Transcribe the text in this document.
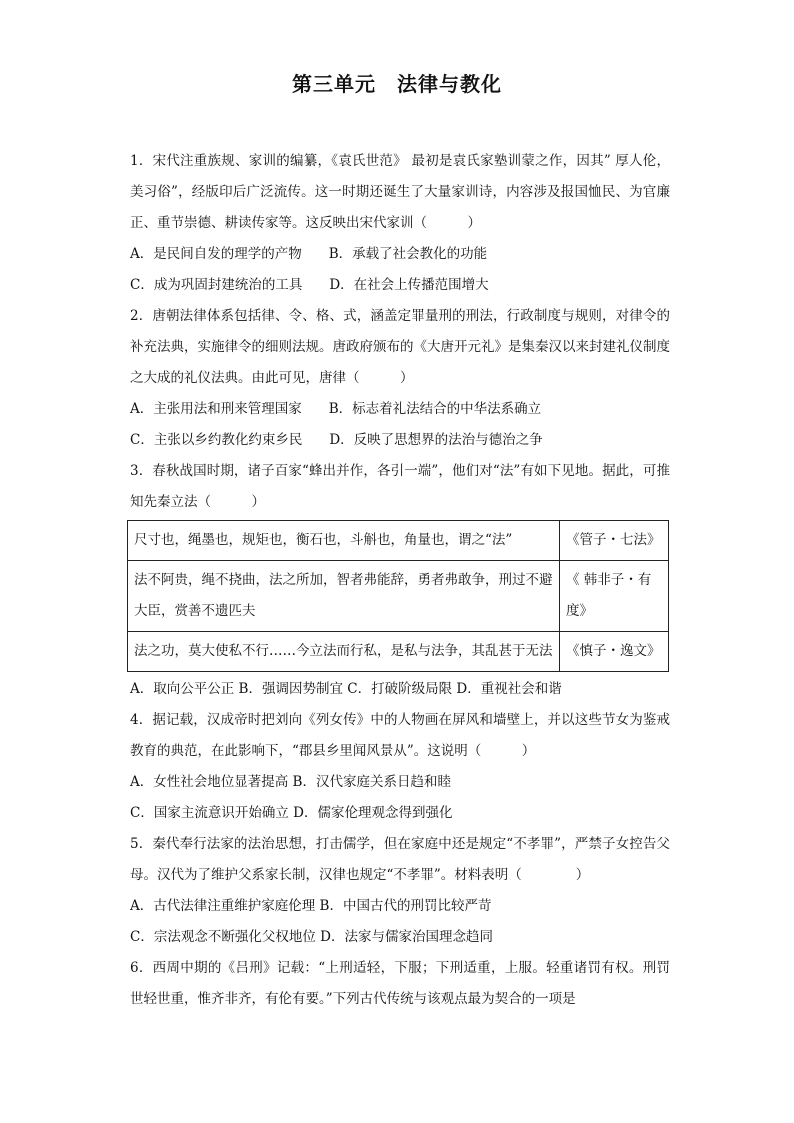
第三单元　法律与教化

1．宋代注重族规、家训的编纂，《袁氏世范》 最初是袁氏家塾训蒙之作，因其” 厚人伦， 美习俗”，经版印后广泛流传。这一时期还诞生了大量家训诗，内容涉及报国恤民、为官廉正、重节崇德、耕读传家等。这反映出宋代家训（　　　）

A．是民间自发的理学的产物　　B．承载了社会教化的功能

C．成为巩固封建统治的工具　　D．在社会上传播范围增大

2．唐朝法律体系包括律、令、格、式，涵盖定罪量刑的刑法，行政制度与规则，对律令的补充法典，实施律令的细则法规。唐政府颁布的《大唐开元礼》是集秦汉以来封建礼仪制度之大成的礼仪法典。由此可见，唐律（　　　）

A．主张用法和刑来管理国家　　B．标志着礼法结合的中华法系确立

C．主张以乡约教化约束乡民　　D．反映了思想界的法治与德治之争

3．春秋战国时期，诸子百家“蜂出并作，各引一端”，他们对“法”有如下见地。据此，可推知先秦立法（　　　）

尺寸也，绳墨也，规矩也，衡石也，斗斛也，角量也，谓之“法”	《管子・七法》
法不阿贵，绳不挠曲，法之所加，智者弗能辞，勇者弗敢争，刑过不避大臣，赏善不遗匹夫	《 韩非子・有度》
法之功，莫大使私不行……今立法而行私，是私与法争，其乱甚于无法	《慎子・逸文》

A．取向公平公正 B．强调因势制宜 C．打破阶级局限 D．重视社会和谐

4．据记载，汉成帝时把刘向《列女传》中的人物画在屏风和墙壁上，并以这些节女为鉴戒教育的典范，在此影响下，“郡县乡里闻风景从”。这说明（　　　）

A．女性社会地位显著提高 B．汉代家庭关系日趋和睦

C．国家主流意识开始确立 D．儒家伦理观念得到强化

5．秦代奉行法家的法治思想，打击儒学，但在家庭中还是规定“不孝罪”，严禁子女控告父母。汉代为了维护父系家长制，汉律也规定“不孝罪”。材料表明（　　　　）

A．古代法律注重维护家庭伦理 B．中国古代的刑罚比较严苛

C．宗法观念不断强化父权地位 D．法家与儒家治国理念趋同

6．西周中期的《吕刑》记载：“上刑适轻，下服；下刑适重，上服。轻重诸罚有权。刑罚世轻世重，惟齐非齐，有伦有要。”下列古代传统与该观点最为契合的一项是
